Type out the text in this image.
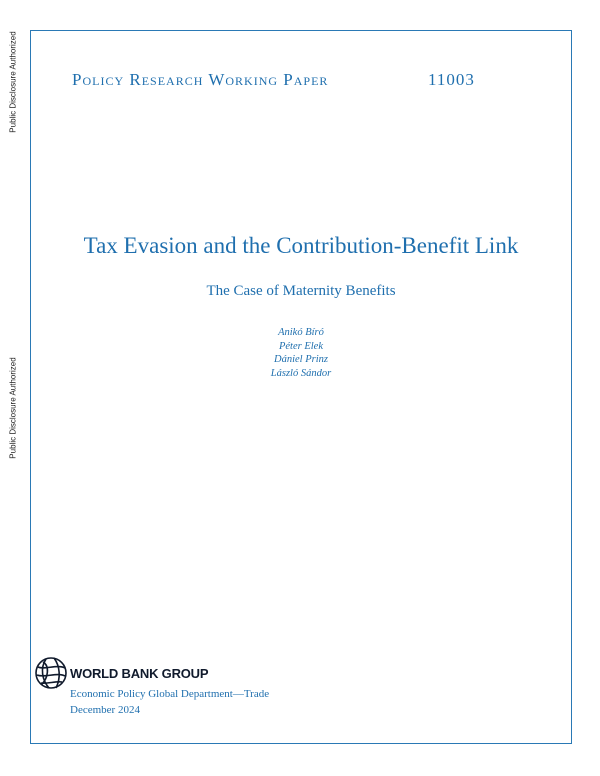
Public Disclosure Authorized
Public Disclosure Authorized
Policy Research Working Paper	11003
Tax Evasion and the Contribution-Benefit Link
The Case of Maternity Benefits
Anikó Bíró
Péter Elek
Dániel Prinz
László Sándor
WORLD BANK GROUP
Economic Policy Global Department—Trade
December 2024
